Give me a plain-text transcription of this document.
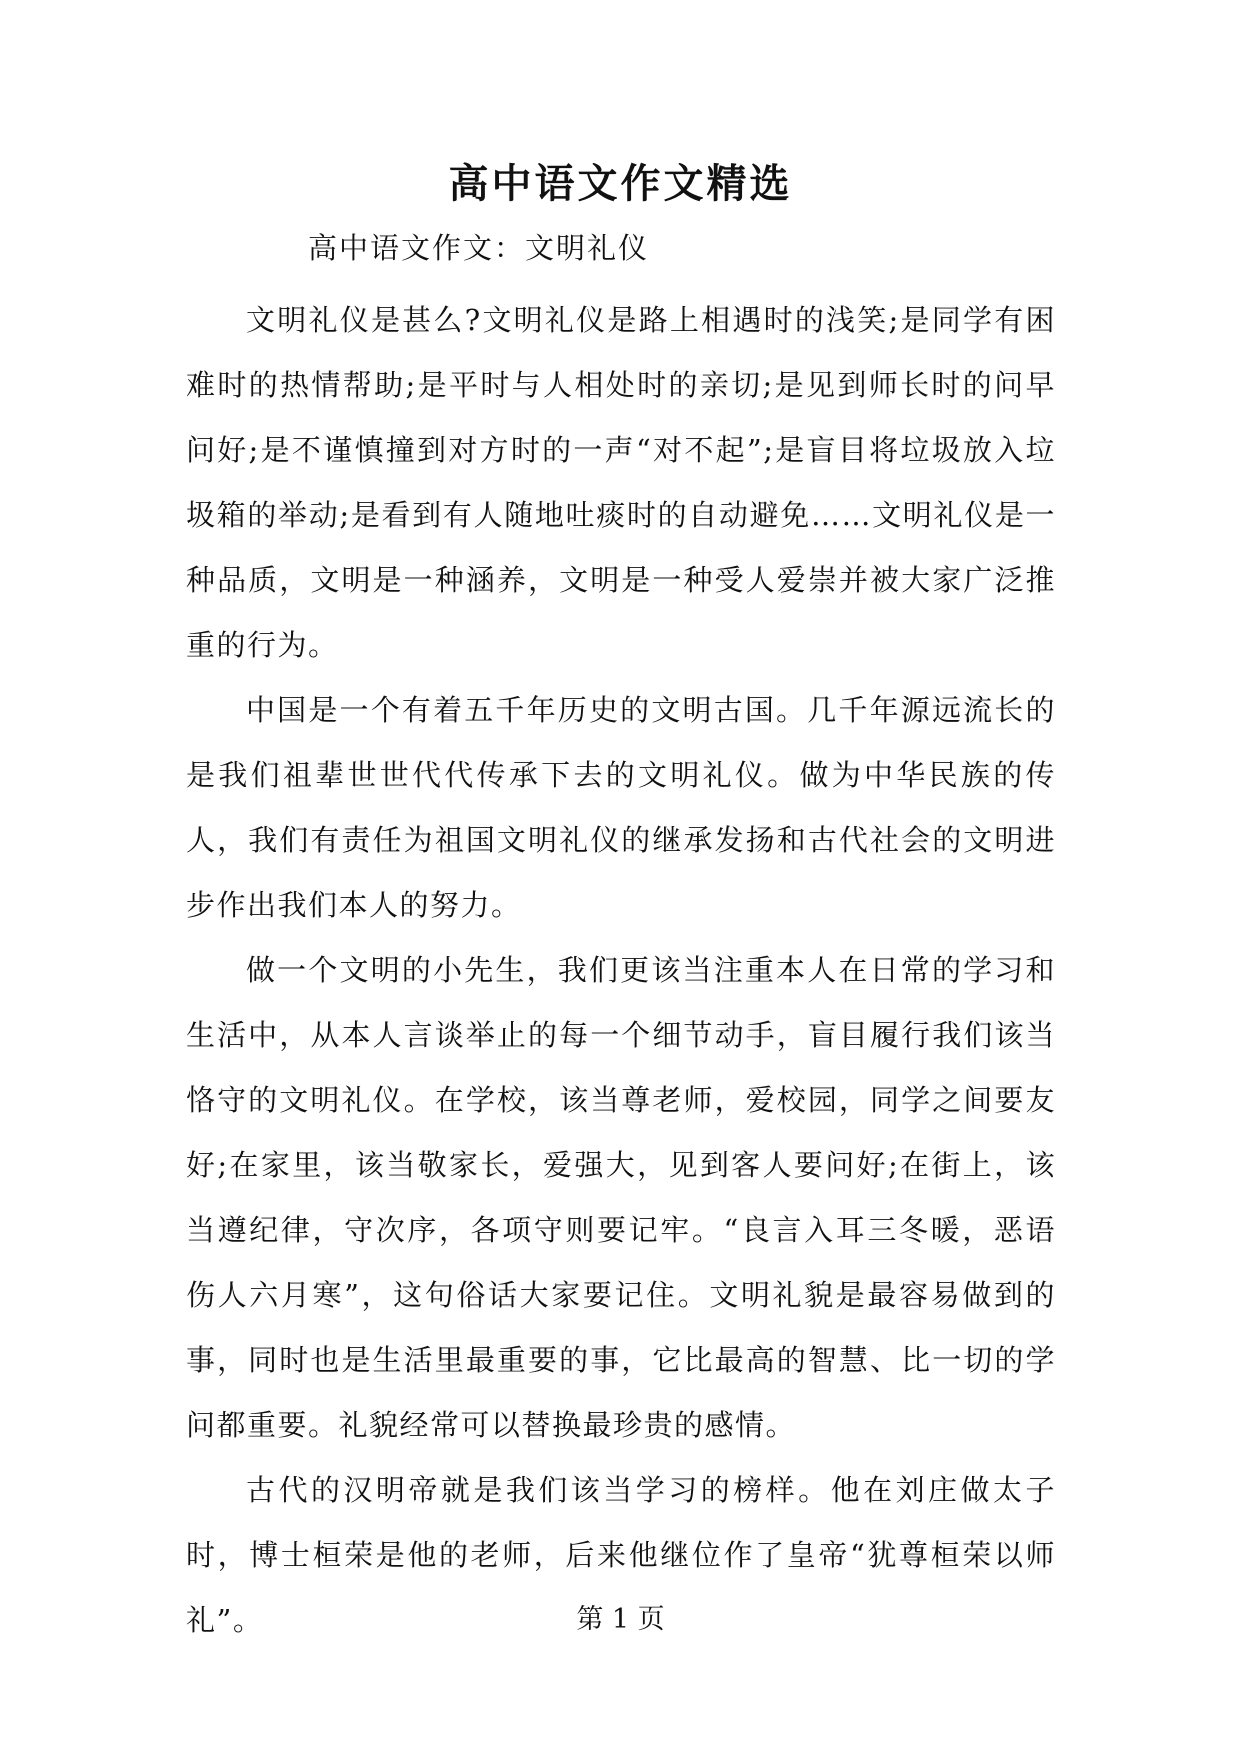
高中语文作文精选

高中语文作文：文明礼仪

文明礼仪是甚么?文明礼仪是路上相遇时的浅笑;是同学有困难时的热情帮助;是平时与人相处时的亲切;是见到师长时的问早问好;是不谨慎撞到对方时的一声“对不起”;是盲目将垃圾放入垃圾箱的举动;是看到有人随地吐痰时的自动避免……文明礼仪是一种品质，文明是一种涵养，文明是一种受人爱崇并被大家广泛推重的行为。

中国是一个有着五千年历史的文明古国。几千年源远流长的是我们祖辈世世代代传承下去的文明礼仪。做为中华民族的传人，我们有责任为祖国文明礼仪的继承发扬和古代社会的文明进步作出我们本人的努力。

做一个文明的小先生，我们更该当注重本人在日常的学习和生活中，从本人言谈举止的每一个细节动手，盲目履行我们该当恪守的文明礼仪。在学校，该当尊老师，爱校园，同学之间要友好;在家里，该当敬家长，爱强大，见到客人要问好;在街上，该当遵纪律，守次序，各项守则要记牢。“良言入耳三冬暖，恶语伤人六月寒”，这句俗话大家要记住。文明礼貌是最容易做到的事，同时也是生活里最重要的事，它比最高的智慧、比一切的学问都重要。礼貌经常可以替换最珍贵的感情。

古代的汉明帝就是我们该当学习的榜样。他在刘庄做太子时，博士桓荣是他的老师，后来他继位作了皇帝“犹尊桓荣以师礼”。	第 1 页
